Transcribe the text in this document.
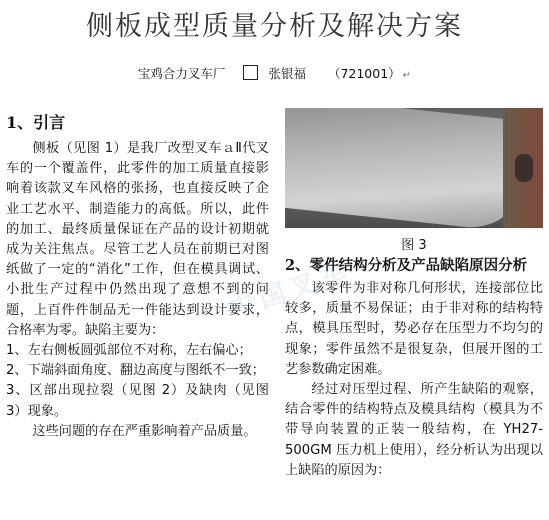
侧板成型质量分析及解决方案
宝鸡合力叉车厂	张银福 （721001） ↵
1、引言

侧板（见图 1）是我厂改型叉车ａⅡ代叉车的一个覆盖件，此零件的加工质量直接影响着该款叉车风格的张扬，也直接反映了企业工艺水平、制造能力的高低。所以，此件的加工、最终质量保证在产品的设计初期就成为关注焦点。尽管工艺人员在前期已对图纸做了一定的“消化”工作，但在模具调试、小批生产过程中仍然出现了意想不到的问题，上百件件制品无一件能达到设计要求，合格率为零。缺陷主要为：

1、左右侧板圆弧部位不对称，左右偏心；

2、下端斜面角度、翻边高度与图纸不一致；

3、区部出现拉裂（见图 2）及缺肉（见图 3）现象。

这些问题的存在严重影响着产品质量。

图 3
2、零件结构分析及产品缺陷原因分析

该零件为非对称几何形状，连接部位比较多，质量不易保证；由于非对称的结构特点，模具压型时，势必存在压型力不均匀的现象；零件虽然不是很复杂，但展开图的工艺参数确定困难。

经过对压型过程、所产生缺陷的观察，结合零件的结构特点及模具结构（模具为不带导向装置的正装一般结构，在 YH27-500GM 压力机上使用），经分析认为出现以上缺陷的原因为：

中国叉车
